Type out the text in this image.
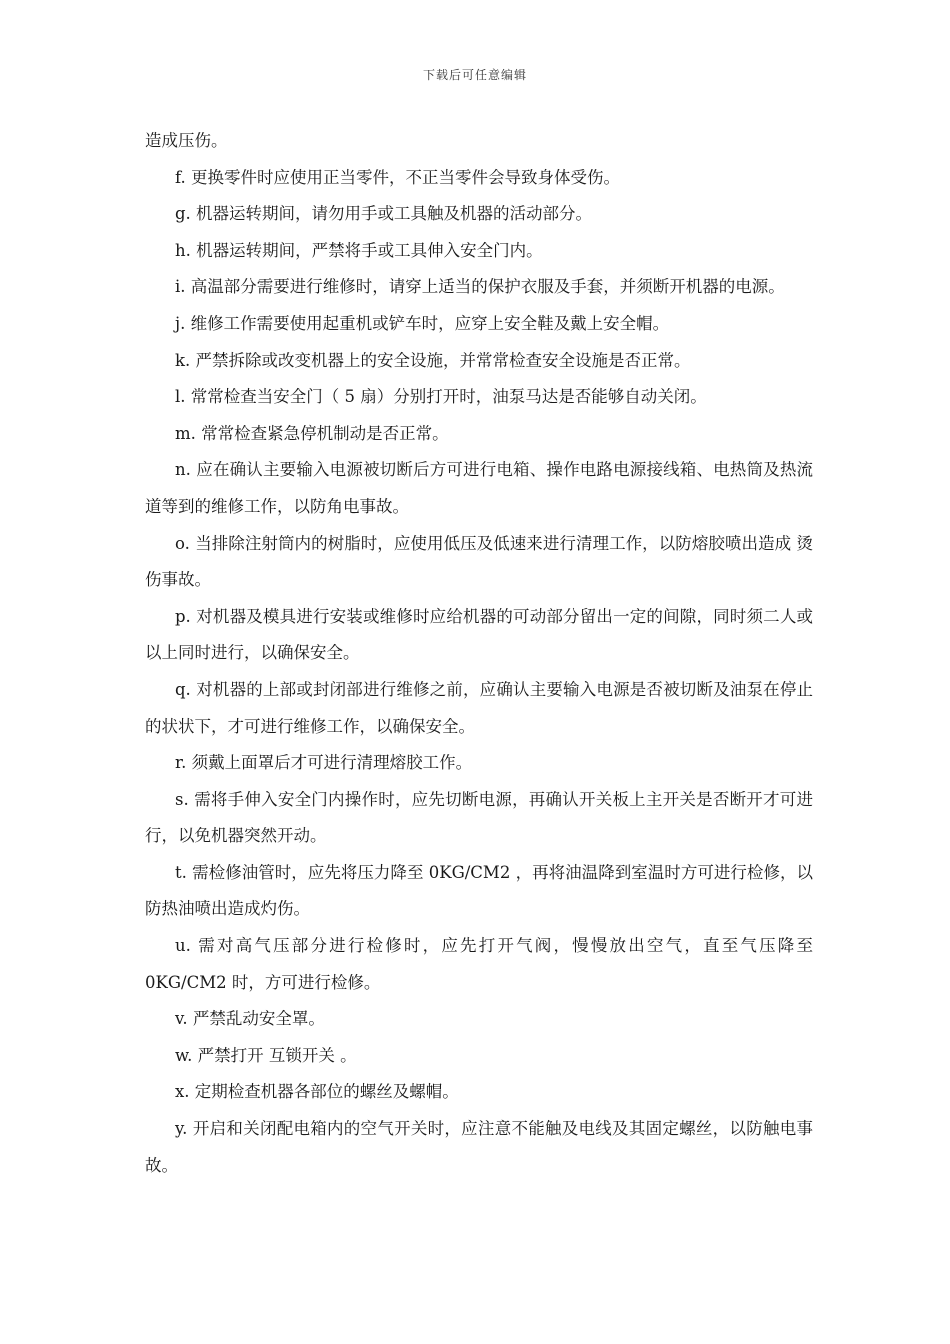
下载后可任意编辑

造成压伤。

f. 更换零件时应使用正当零件，不正当零件会导致身体受伤。

g. 机器运转期间，请勿用手或工具触及机器的活动部分。

h. 机器运转期间，严禁将手或工具伸入安全门内。

i. 高温部分需要进行维修时，请穿上适当的保护衣服及手套，并须断开机器的电源。

j. 维修工作需要使用起重机或铲车时，应穿上安全鞋及戴上安全帽。

k. 严禁拆除或改变机器上的安全设施，并常常检查安全设施是否正常。

l. 常常检查当安全门（ 5 扇）分别打开时，油泵马达是否能够自动关闭。

m. 常常检查紧急停机制动是否正常。

n. 应在确认主要输入电源被切断后方可进行电箱、操作电路电源接线箱、电热筒及热流道等到的维修工作，以防角电事故。

o. 当排除注射筒内的树脂时，应使用低压及低速来进行清理工作，以防熔胶喷出造成 烫伤事故。

p. 对机器及模具进行安装或维修时应给机器的可动部分留出一定的间隙，同时须二人或以上同时进行，以确保安全。

q. 对机器的上部或封闭部进行维修之前，应确认主要输入电源是否被切断及油泵在停止的状状下，才可进行维修工作，以确保安全。

r. 须戴上面罩后才可进行清理熔胶工作。

s. 需将手伸入安全门内操作时，应先切断电源，再确认开关板上主开关是否断开才可进行，以免机器突然开动。

t. 需检修油管时，应先将压力降至 0KG/CM2 ，再将油温降到室温时方可进行检修，以防热油喷出造成灼伤。

u. 需对高气压部分进行检修时，应先打开气阀，慢慢放出空气，直至气压降至0KG/CM2 时，方可进行检修。

v. 严禁乱动安全罩。

w. 严禁打开 互锁开关 。

x. 定期检查机器各部位的螺丝及螺帽。

y. 开启和关闭配电箱内的空气开关时，应注意不能触及电线及其固定螺丝，以防触电事故。
